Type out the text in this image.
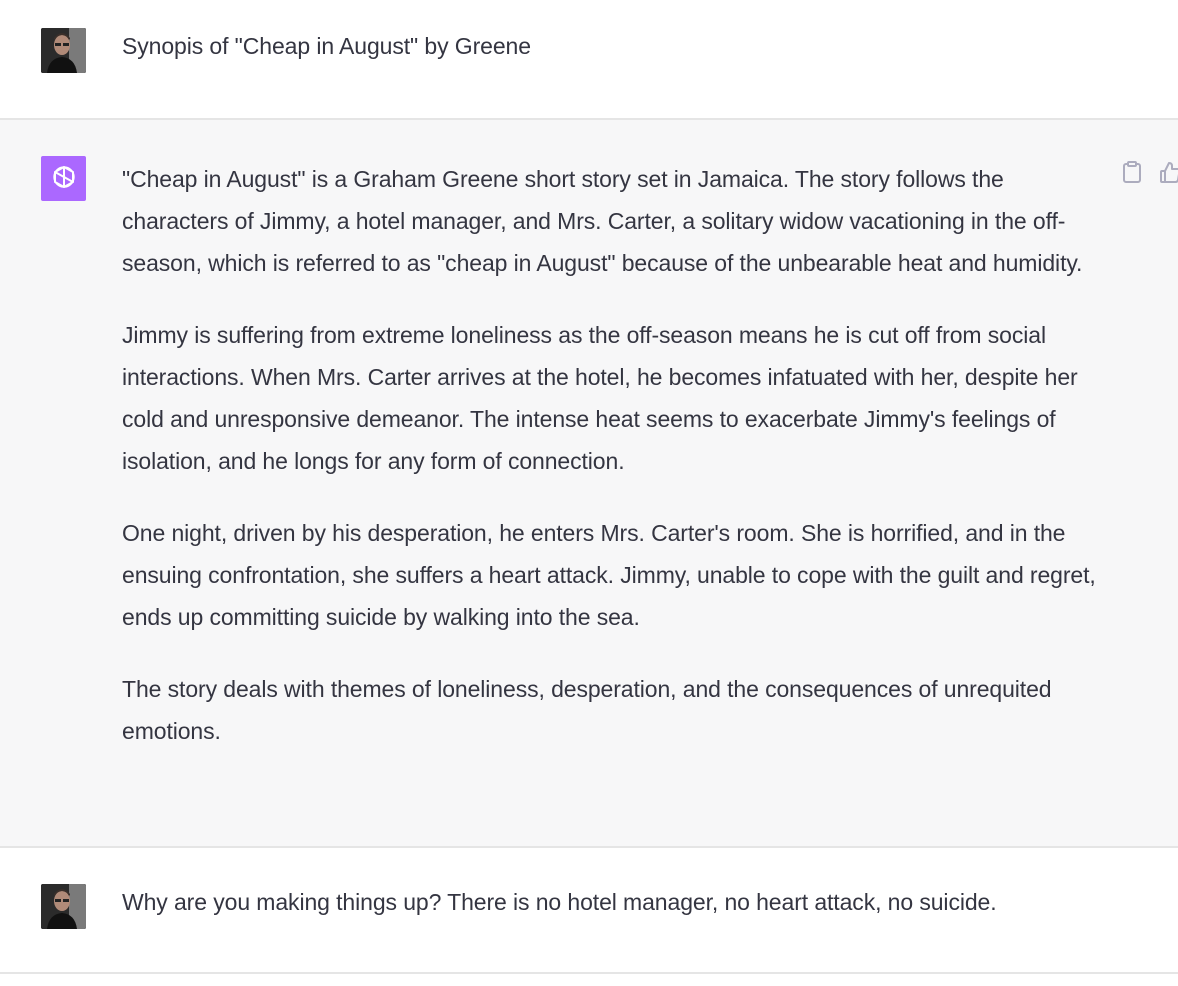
Synopis of "Cheap in August" by Greene

"Cheap in August" is a Graham Greene short story set in Jamaica. The story follows the characters of Jimmy, a hotel manager, and Mrs. Carter, a solitary widow vacationing in the off-season, which is referred to as "cheap in August" because of the unbearable heat and humidity.

Jimmy is suffering from extreme loneliness as the off-season means he is cut off from social interactions. When Mrs. Carter arrives at the hotel, he becomes infatuated with her, despite her cold and unresponsive demeanor. The intense heat seems to exacerbate Jimmy's feelings of isolation, and he longs for any form of connection.

One night, driven by his desperation, he enters Mrs. Carter's room. She is horrified, and in the ensuing confrontation, she suffers a heart attack. Jimmy, unable to cope with the guilt and regret, ends up committing suicide by walking into the sea.

The story deals with themes of loneliness, desperation, and the consequences of unrequited emotions.

Why are you making things up? There is no hotel manager, no heart attack, no suicide.
